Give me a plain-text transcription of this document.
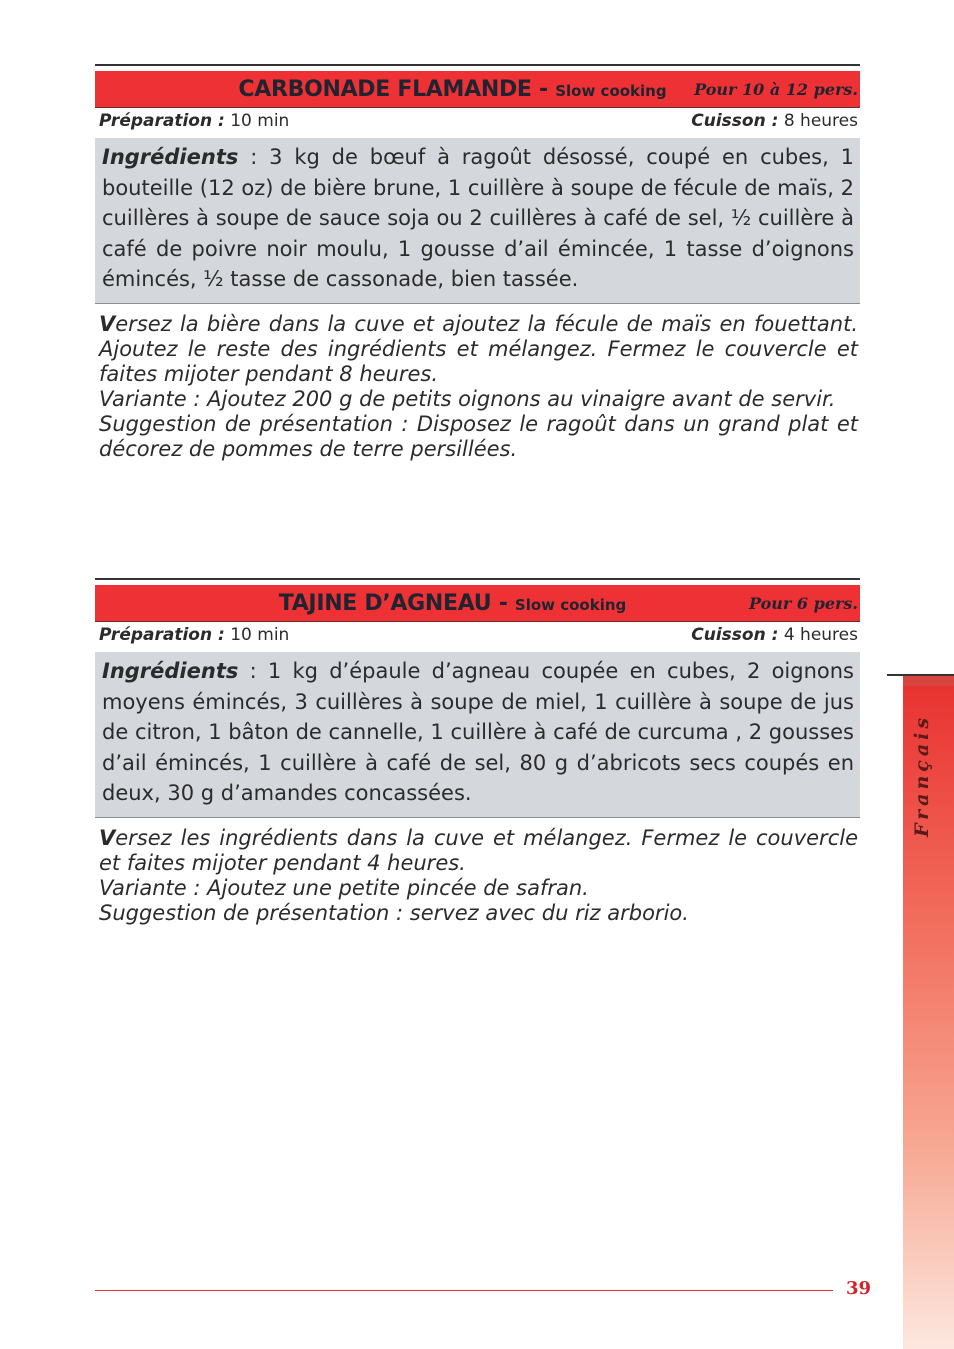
CARBONADE FLAMANDE - Slow cooking	Pour 10 à 12 pers.
Préparation : 10 min	Cuisson : 8 heures
Ingrédients : 3 kg de bœuf à ragoût désossé, coupé en cubes, 1 bouteille (12 oz) de bière brune, 1 cuillère à soupe de fécule de maïs, 2 cuillères à soupe de sauce soja ou 2 cuillères à café de sel, ½ cuillère à café de poivre noir moulu, 1 gousse d’ail émincée, 1 tasse d’oignons émincés, ½ tasse de cassonade, bien tassée.

Versez la bière dans la cuve et ajoutez la fécule de maïs en fouettant. Ajoutez le reste des ingrédients et mélangez. Fermez le couvercle et faites mijoter pendant 8 heures.

Variante : Ajoutez 200 g de petits oignons au vinaigre avant de servir.

Suggestion de présentation : Disposez le ragoût dans un grand plat et décorez de pommes de terre persillées.

TAJINE D’AGNEAU - Slow cooking	Pour 6 pers.
Préparation : 10 min	Cuisson : 4 heures
Ingrédients : 1 kg d’épaule d’agneau coupée en cubes, 2 oignons moyens émincés, 3 cuillères à soupe de miel, 1 cuillère à soupe de jus de citron, 1 bâton de cannelle, 1 cuillère à café de curcuma , 2 gousses d’ail émincés, 1 cuillère à café de sel, 80 g d’abricots secs coupés en deux, 30 g d’amandes concassées.

Versez les ingrédients dans la cuve et mélangez. Fermez le couvercle et faites mijoter pendant 4 heures.

Variante : Ajoutez une petite pincée de safran.

Suggestion de présentation : servez avec du riz arborio.

Français
39
